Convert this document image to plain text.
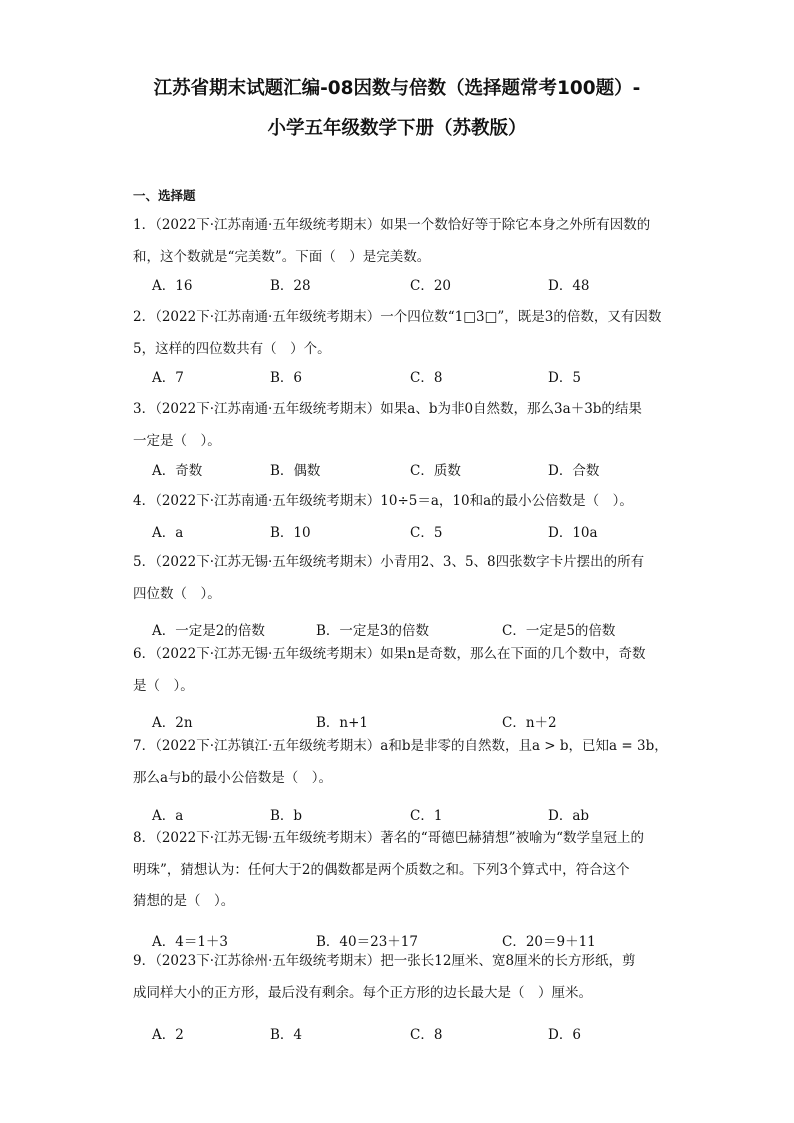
江苏省期末试题汇编-08因数与倍数（选择题常考100题）-
小学五年级数学下册（苏教版）
一、选择题

1．（2022下·江苏南通·五年级统考期末）如果一个数恰好等于除它本身之外所有因数的

和，这个数就是“完美数”。下面（　）是完美数。

A．16	B．28	C．20	D．48

2．（2022下·江苏南通·五年级统考期末）一个四位数“1□3□”，既是3的倍数，又有因数

5，这样的四位数共有（　）个。

A．7	B．6	C．8	D．5

3．（2022下·江苏南通·五年级统考期末）如果a、b为非0自然数，那么3a＋3b的结果

一定是（　）。

A．奇数	B．偶数	C．质数	D．合数

4．（2022下·江苏南通·五年级统考期末）10÷5＝a，10和a的最小公倍数是（　）。

A．a	B．10	C．5	D．10a

5．（2022下·江苏无锡·五年级统考期末）小青用2、3、5、8四张数字卡片摆出的所有

四位数（　）。

A．一定是2的倍数	B．一定是3的倍数	C．一定是5的倍数

6．（2022下·江苏无锡·五年级统考期末）如果n是奇数，那么在下面的几个数中，奇数

是（　）。

A．2n	B．n+1	C．n＋2

7．（2022下·江苏镇江·五年级统考期末）a和b是非零的自然数，且a > b，已知a = 3b，

那么a与b的最小公倍数是（　）。

A．a	B．b	C．1	D．ab

8．（2022下·江苏无锡·五年级统考期末）著名的“哥德巴赫猜想”被喻为“数学皇冠上的

明珠”，猜想认为：任何大于2的偶数都是两个质数之和。下列3个算式中，符合这个

猜想的是（　）。

A．4＝1＋3	B．40＝23＋17	C．20＝9＋11

9．（2023下·江苏徐州·五年级统考期末）把一张长12厘米、宽8厘米的长方形纸，剪

成同样大小的正方形，最后没有剩余。每个正方形的边长最大是（　）厘米。

A．2	B．4	C．8	D．6
